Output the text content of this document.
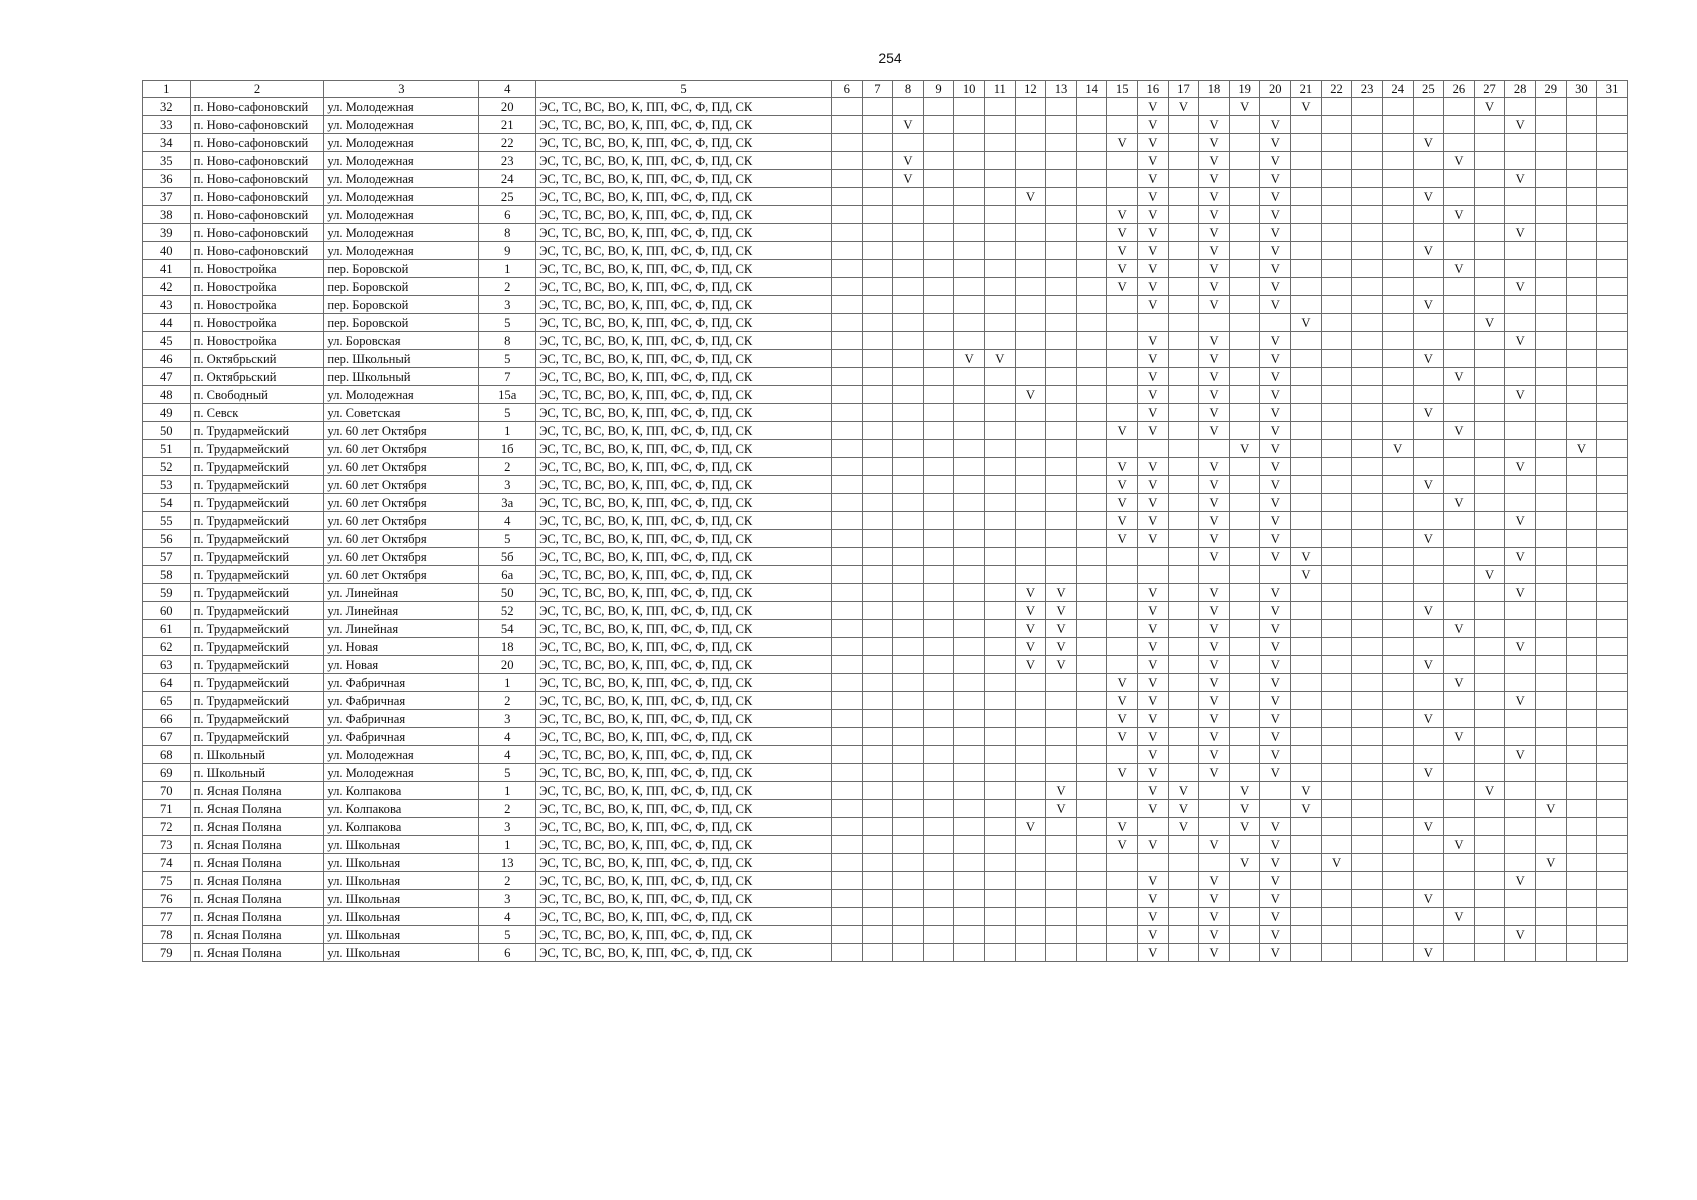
254
1	2	3	4	5	6	7	8	9	10	11	12	13	14	15	16	17	18	19	20	21	22	23	24	25	26	27	28	29	30	31
32	п. Ново-сафоновский	ул. Молодежная	20	ЭС, ТС, ВС, ВО, К, ПП, ФС, Ф, ПД, СК											V	V		V		V						V				
33	п. Ново-сафоновский	ул. Молодежная	21	ЭС, ТС, ВС, ВО, К, ПП, ФС, Ф, ПД, СК			V								V		V		V								V			
34	п. Ново-сафоновский	ул. Молодежная	22	ЭС, ТС, ВС, ВО, К, ПП, ФС, Ф, ПД, СК										V	V		V		V					V						
35	п. Ново-сафоновский	ул. Молодежная	23	ЭС, ТС, ВС, ВО, К, ПП, ФС, Ф, ПД, СК			V								V		V		V						V					
36	п. Ново-сафоновский	ул. Молодежная	24	ЭС, ТС, ВС, ВО, К, ПП, ФС, Ф, ПД, СК			V								V		V		V								V			
37	п. Ново-сафоновский	ул. Молодежная	25	ЭС, ТС, ВС, ВО, К, ПП, ФС, Ф, ПД, СК							V				V		V		V					V						
38	п. Ново-сафоновский	ул. Молодежная	6	ЭС, ТС, ВС, ВО, К, ПП, ФС, Ф, ПД, СК										V	V		V		V						V					
39	п. Ново-сафоновский	ул. Молодежная	8	ЭС, ТС, ВС, ВО, К, ПП, ФС, Ф, ПД, СК										V	V		V		V								V			
40	п. Ново-сафоновский	ул. Молодежная	9	ЭС, ТС, ВС, ВО, К, ПП, ФС, Ф, ПД, СК										V	V		V		V					V						
41	п. Новостройка	пер. Боровской	1	ЭС, ТС, ВС, ВО, К, ПП, ФС, Ф, ПД, СК										V	V		V		V						V					
42	п. Новостройка	пер. Боровской	2	ЭС, ТС, ВС, ВО, К, ПП, ФС, Ф, ПД, СК										V	V		V		V								V			
43	п. Новостройка	пер. Боровской	3	ЭС, ТС, ВС, ВО, К, ПП, ФС, Ф, ПД, СК											V		V		V					V						
44	п. Новостройка	пер. Боровской	5	ЭС, ТС, ВС, ВО, К, ПП, ФС, Ф, ПД, СК																V						V				
45	п. Новостройка	ул. Боровская	8	ЭС, ТС, ВС, ВО, К, ПП, ФС, Ф, ПД, СК											V		V		V								V			
46	п. Октябрьский	пер. Школьный	5	ЭС, ТС, ВС, ВО, К, ПП, ФС, Ф, ПД, СК					V	V					V		V		V					V						
47	п. Октябрьский	пер. Школьный	7	ЭС, ТС, ВС, ВО, К, ПП, ФС, Ф, ПД, СК											V		V		V						V					
48	п. Свободный	ул. Молодежная	15а	ЭС, ТС, ВС, ВО, К, ПП, ФС, Ф, ПД, СК							V				V		V		V								V			
49	п. Севск	ул. Советская	5	ЭС, ТС, ВС, ВО, К, ПП, ФС, Ф, ПД, СК											V		V		V					V						
50	п. Трудармейский	ул. 60 лет Октября	1	ЭС, ТС, ВС, ВО, К, ПП, ФС, Ф, ПД, СК										V	V		V		V						V					
51	п. Трудармейский	ул. 60 лет Октября	1б	ЭС, ТС, ВС, ВО, К, ПП, ФС, Ф, ПД, СК														V	V				V						V	
52	п. Трудармейский	ул. 60 лет Октября	2	ЭС, ТС, ВС, ВО, К, ПП, ФС, Ф, ПД, СК										V	V		V		V								V			
53	п. Трудармейский	ул. 60 лет Октября	3	ЭС, ТС, ВС, ВО, К, ПП, ФС, Ф, ПД, СК										V	V		V		V					V						
54	п. Трудармейский	ул. 60 лет Октября	3а	ЭС, ТС, ВС, ВО, К, ПП, ФС, Ф, ПД, СК										V	V		V		V						V					
55	п. Трудармейский	ул. 60 лет Октября	4	ЭС, ТС, ВС, ВО, К, ПП, ФС, Ф, ПД, СК										V	V		V		V								V			
56	п. Трудармейский	ул. 60 лет Октября	5	ЭС, ТС, ВС, ВО, К, ПП, ФС, Ф, ПД, СК										V	V		V		V					V						
57	п. Трудармейский	ул. 60 лет Октября	5б	ЭС, ТС, ВС, ВО, К, ПП, ФС, Ф, ПД, СК													V		V	V							V			
58	п. Трудармейский	ул. 60 лет Октября	6а	ЭС, ТС, ВС, ВО, К, ПП, ФС, Ф, ПД, СК																V						V				
59	п. Трудармейский	ул. Линейная	50	ЭС, ТС, ВС, ВО, К, ПП, ФС, Ф, ПД, СК							V	V			V		V		V								V			
60	п. Трудармейский	ул. Линейная	52	ЭС, ТС, ВС, ВО, К, ПП, ФС, Ф, ПД, СК							V	V			V		V		V					V						
61	п. Трудармейский	ул. Линейная	54	ЭС, ТС, ВС, ВО, К, ПП, ФС, Ф, ПД, СК							V	V			V		V		V						V					
62	п. Трудармейский	ул. Новая	18	ЭС, ТС, ВС, ВО, К, ПП, ФС, Ф, ПД, СК							V	V			V		V		V								V			
63	п. Трудармейский	ул. Новая	20	ЭС, ТС, ВС, ВО, К, ПП, ФС, Ф, ПД, СК							V	V			V		V		V					V						
64	п. Трудармейский	ул. Фабричная	1	ЭС, ТС, ВС, ВО, К, ПП, ФС, Ф, ПД, СК										V	V		V		V						V					
65	п. Трудармейский	ул. Фабричная	2	ЭС, ТС, ВС, ВО, К, ПП, ФС, Ф, ПД, СК										V	V		V		V								V			
66	п. Трудармейский	ул. Фабричная	3	ЭС, ТС, ВС, ВО, К, ПП, ФС, Ф, ПД, СК										V	V		V		V					V						
67	п. Трудармейский	ул. Фабричная	4	ЭС, ТС, ВС, ВО, К, ПП, ФС, Ф, ПД, СК										V	V		V		V						V					
68	п. Школьный	ул. Молодежная	4	ЭС, ТС, ВС, ВО, К, ПП, ФС, Ф, ПД, СК											V		V		V								V			
69	п. Школьный	ул. Молодежная	5	ЭС, ТС, ВС, ВО, К, ПП, ФС, Ф, ПД, СК										V	V		V		V					V						
70	п. Ясная Поляна	ул. Колпакова	1	ЭС, ТС, ВС, ВО, К, ПП, ФС, Ф, ПД, СК								V			V	V		V		V						V				
71	п. Ясная Поляна	ул. Колпакова	2	ЭС, ТС, ВС, ВО, К, ПП, ФС, Ф, ПД, СК								V			V	V		V		V								V		
72	п. Ясная Поляна	ул. Колпакова	3	ЭС, ТС, ВС, ВО, К, ПП, ФС, Ф, ПД, СК							V			V		V		V	V					V						
73	п. Ясная Поляна	ул. Школьная	1	ЭС, ТС, ВС, ВО, К, ПП, ФС, Ф, ПД, СК										V	V		V		V						V					
74	п. Ясная Поляна	ул. Школьная	13	ЭС, ТС, ВС, ВО, К, ПП, ФС, Ф, ПД, СК														V	V		V							V		
75	п. Ясная Поляна	ул. Школьная	2	ЭС, ТС, ВС, ВО, К, ПП, ФС, Ф, ПД, СК											V		V		V								V			
76	п. Ясная Поляна	ул. Школьная	3	ЭС, ТС, ВС, ВО, К, ПП, ФС, Ф, ПД, СК											V		V		V					V						
77	п. Ясная Поляна	ул. Школьная	4	ЭС, ТС, ВС, ВО, К, ПП, ФС, Ф, ПД, СК											V		V		V						V					
78	п. Ясная Поляна	ул. Школьная	5	ЭС, ТС, ВС, ВО, К, ПП, ФС, Ф, ПД, СК											V		V		V								V			
79	п. Ясная Поляна	ул. Школьная	6	ЭС, ТС, ВС, ВО, К, ПП, ФС, Ф, ПД, СК											V		V		V					V						
